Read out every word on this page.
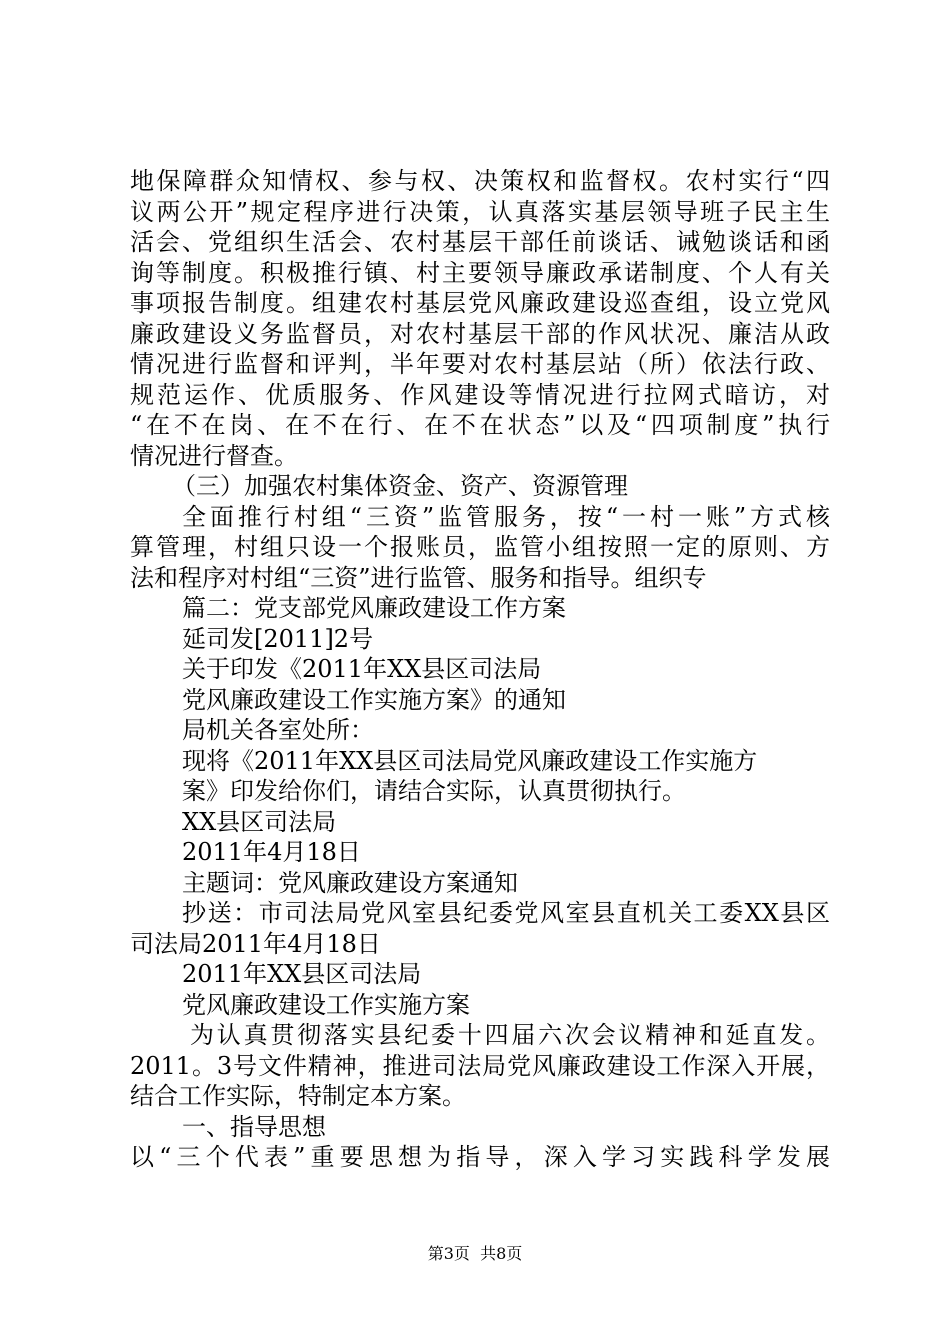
地保障群众知情权、参与权、决策权和监督权。农村实行“四
议两公开”规定程序进行决策，认真落实基层领导班子民主生
活会、党组织生活会、农村基层干部任前谈话、诫勉谈话和函
询等制度。积极推行镇、村主要领导廉政承诺制度、个人有关
事项报告制度。组建农村基层党风廉政建设巡查组，设立党风
廉政建设义务监督员，对农村基层干部的作风状况、廉洁从政
情况进行监督和评判，半年要对农村基层站（所）依法行政、
规范运作、优质服务、作风建设等情况进行拉网式暗访，对
“在不在岗、在不在行、在不在状态”以及“四项制度”执行
情况进行督查。
（三）加强农村集体资金、资产、资源管理
全面推行村组“三资”监管服务，按“一村一账”方式核
算管理，村组只设一个报账员，监管小组按照一定的原则、方
法和程序对村组“三资”进行监管、服务和指导。组织专
篇二：党支部党风廉政建设工作方案
延司发[2011]2号
关于印发《2011年XX县区司法局
党风廉政建设工作实施方案》的通知
局机关各室处所：
现将《2011年XX县区司法局党风廉政建设工作实施方
案》印发给你们，请结合实际，认真贯彻执行。
XX县区司法局
2011年4月18日
主题词：党风廉政建设方案通知
抄送：市司法局党风室县纪委党风室县直机关工委XX县区
司法局2011年4月18日
2011年XX县区司法局
党风廉政建设工作实施方案
为认真贯彻落实县纪委十四届六次会议精神和延直发。
2011。3号文件精神，推进司法局党风廉政建设工作深入开展，
结合工作实际，特制定本方案。
一、指导思想
以“三个代表”重要思想为指导，深入学习实践科学发展
第3页  共8页
